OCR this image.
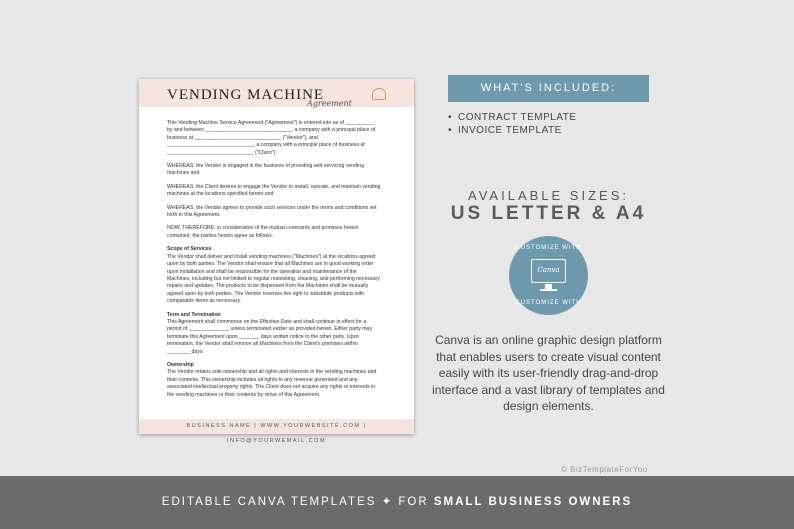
VENDING MACHINE
Agreement

This Vending Machine Service Agreement ("Agreement") is entered into as of __________ by and between ______________________________, a company with a principal place of business at ______________________________ ("Vendor"), and ______________________________, a company with a principal place of business at ______________________________ ("Client").

WHEREAS, the Vendor is engaged in the business of providing and servicing vending machines and

WHEREAS, the Client desires to engage the Vendor to install, operate, and maintain vending machines at the locations specified herein and

WHEREAS, the Vendor agrees to provide such services under the terms and conditions set forth in this Agreement.

NOW, THEREFORE, in consideration of the mutual covenants and promises herein contained, the parties hereto agree as follows:

Scope of Services

The Vendor shall deliver and install vending machines ("Machines") at the locations agreed upon by both parties. The Vendor shall ensure that all Machines are in good working order upon installation and shall be responsible for the operation and maintenance of the Machines, including but not limited to regular restocking, cleaning, and performing necessary repairs and updates. The products to be dispensed from the Machines shall be mutually agreed upon by both parties. The Vendor reserves the right to substitute products with comparable items as necessary.

Term and Termination

This Agreement shall commence on the Effective Date and shall continue in effect for a period of ______________ unless terminated earlier as provided herein. Either party may terminate this Agreement upon _______ days written notice to the other party. Upon termination, the Vendor shall remove all Machines from the Client's premises within ________ days.

Ownership

The Vendor retains sole ownership and all rights and interests in the vending machines and their contents. This ownership includes all rights to any revenue generated and any associated intellectual property rights. The Client does not acquire any rights or interests in the vending machines or their contents by virtue of this Agreement.

BUSINESS NAME | WWW.YOURWEBSITE.COM | INFO@YOURWEMAIL.COM
WHAT'S INCLUDED:
• CONTRACT TEMPLATE
• INVOICE TEMPLATE
AVAILABLE SIZES:
US LETTER & A4
CUSTOMIZE WITH
Canva
CUSTOMIZE WITH
Canva is an online graphic design platform that enables users to create visual content easily with its user-friendly drag-and-drop interface and a vast library of templates and design elements.
© BizTemplateForYou
EDITABLE CANVA TEMPLATES ✦ FOR SMALL BUSINESS OWNERS
